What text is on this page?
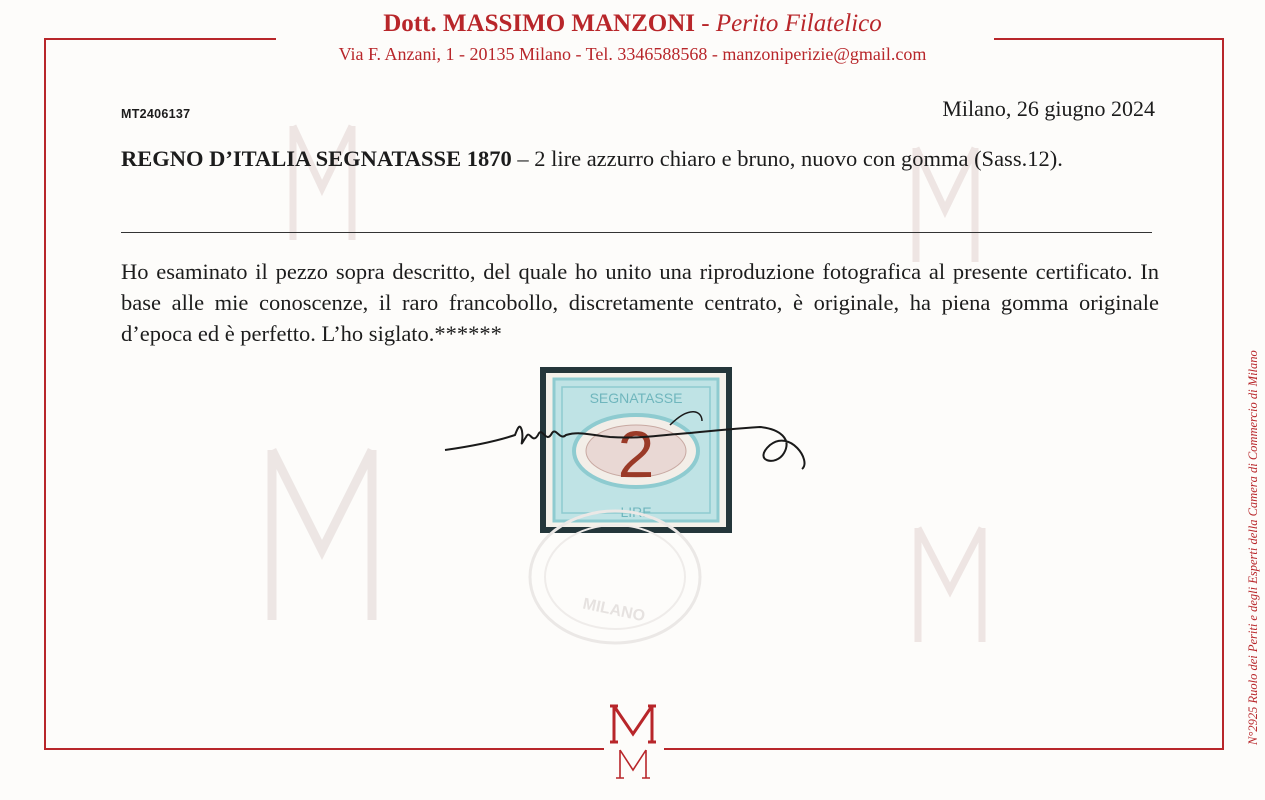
Dott. MASSIMO MANZONI - Perito Filatelico
Via F. Anzani, 1 - 20135 Milano - Tel. 3346588568 - manzoniperizie@gmail.com
MT2406137	Milano, 26 giugno 2024
REGNO D’ITALIA SEGNATASSE 1870 – 2 lire azzurro chiaro e bruno, nuovo con gomma (Sass.12).
Ho esaminato il pezzo sopra descritto, del quale ho unito una riproduzione fotografica al presente certificato. In base alle mie conoscenze, il raro francobollo, discretamente centrato, è originale, ha piena gomma originale d’epoca ed è perfetto. L’ho siglato.******
SEGNATASSE
2
LIRE
MILANO	N°2925 Ruolo dei Periti e degli Esperti della Camera di Commercio di Milano
